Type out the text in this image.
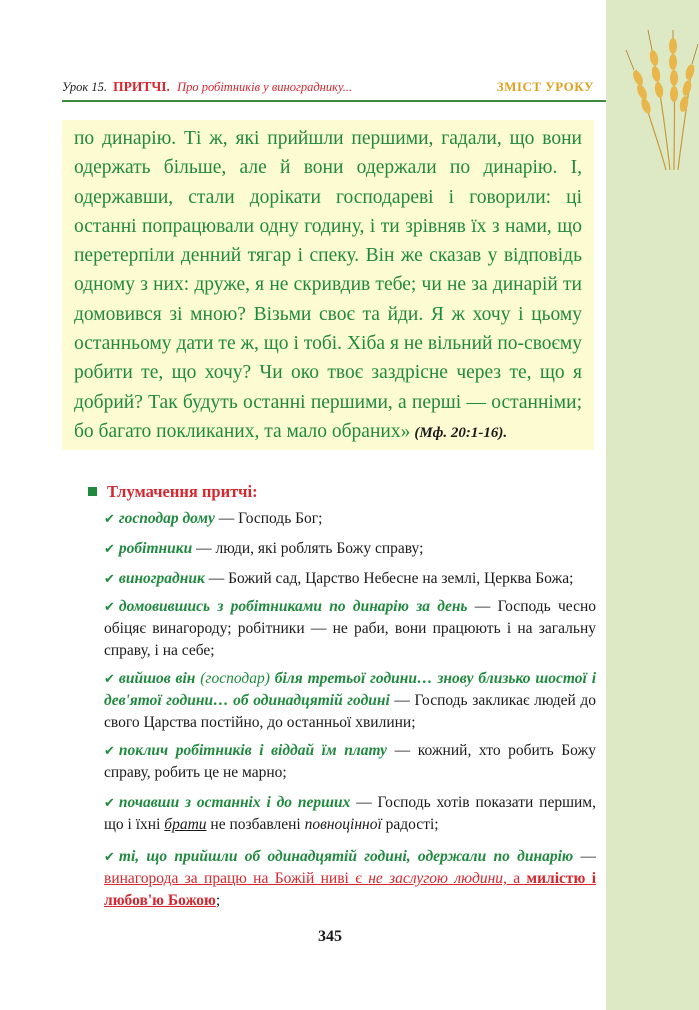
Урок 15. ПРИТЧІ. Про робітників у винограднику...	ЗМІСТ УРОКУ

по динарію. Ті ж, які прийшли першими, гадали, що вони одержать більше, але й вони одержали по динарію. І, одержавши, стали дорікати господареві і говорили: ці останні попрацювали одну годину, і ти зрівняв їх з нами, що перетерпіли денний тягар і спеку. Він же сказав у відповідь одному з них: друже, я не скривдив тебе; чи не за динарій ти домовився зі мною? Візьми своє та йди. Я ж хочу і цьому останньому дати те ж, що і тобі. Хіба я не вільний по-своєму робити те, що хочу? Чи око твоє заздрісне через те, що я добрий? Так будуть останні першими, а перші — останніми; бо багато покликаних, та мало обраних» (Мф. 20:1-16).

Тлумачення притчі:
✔ господар дому — Господь Бог;
✔ робітники — люди, які роблять Божу справу;
✔ виноградник — Божий сад, Царство Небесне на землі, Церква Божа;
✔ домовившись з робітниками по динарію за день — Господь чесно обіцяє винагороду; робітники — не раби, вони працюють і на загальну справу, і на себе;
✔ вийшов він (господар) біля третьої години… знову близько шостої і дев'ятої години… об одинадцятій годині — Господь закликає людей до свого Царства постійно, до останньої хвилини;
✔ поклич робітників і віддай їм плату — кожний, хто робить Божу справу, робить це не марно;
✔ почавши з останніх і до перших — Господь хотів показати першим, що і їхні брати не позбавлені повноцінної радості;
✔ ті, що прийшли об одинадцятій годині, одержали по динарію — винагорода за працю на Божій ниві є не заслугою людини, а милістю і любов'ю Божою;
345
